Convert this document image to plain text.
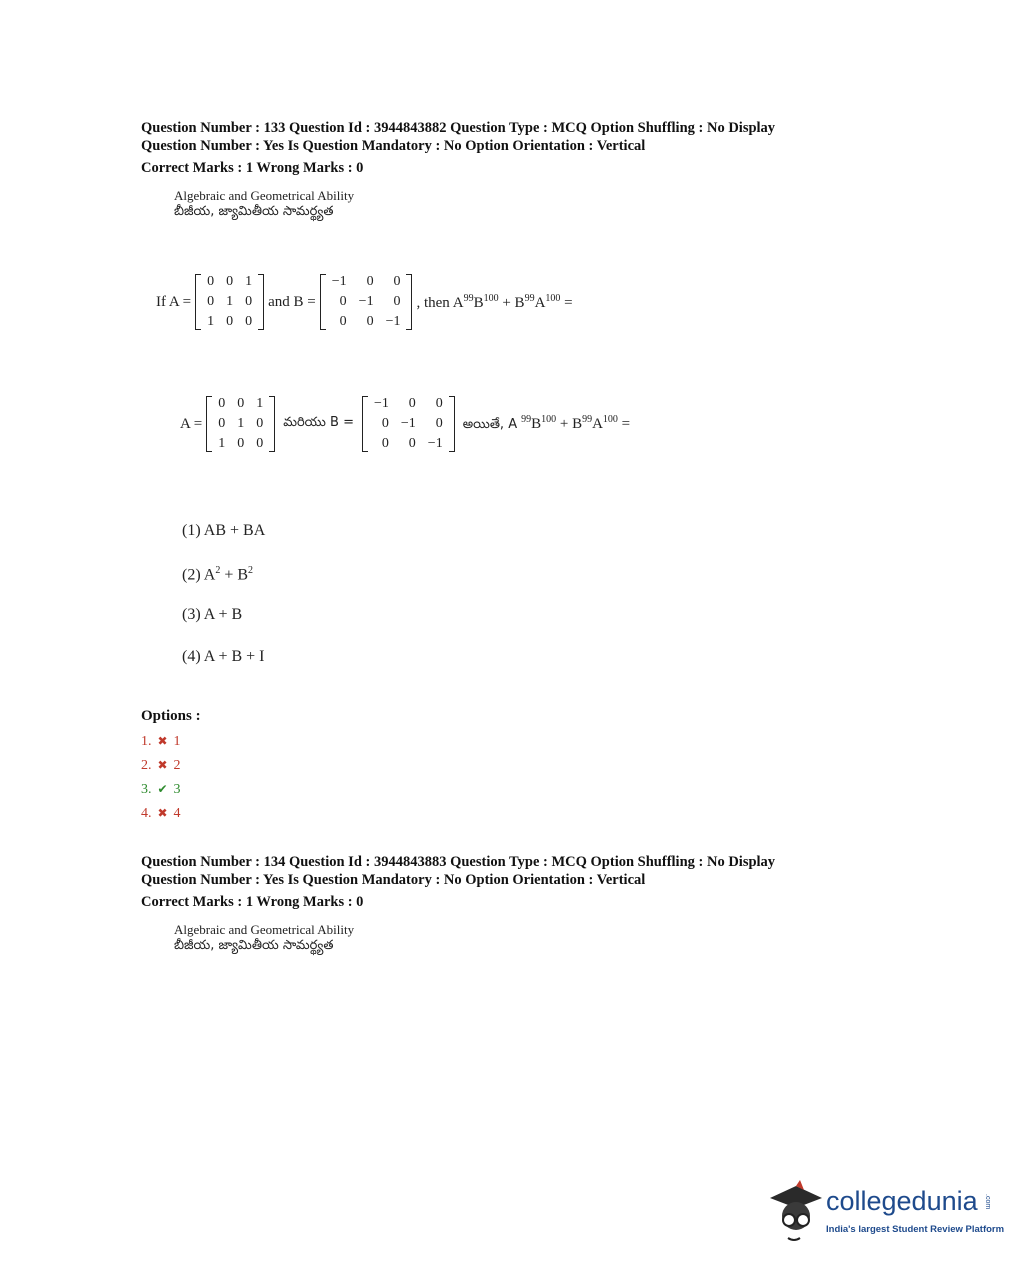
Question Number : 133 Question Id : 3944843882 Question Type : MCQ Option Shuffling : No Display
Question Number : Yes Is Question Mandatory : No Option Orientation : Vertical
Correct Marks : 1 Wrong Marks : 0
Algebraic and Geometrical Ability
బీజీయ, జ్యామితీయ సామర్థ్యత
If A =
0	0	1
0	1	0
1	0	0
and B =
−1	0	0
0	−1	0
0	0	−1
, then $A^{99}B^{100} + B^{99}A^{100}$ =
A =
0	0	1
0	1	0
1	0	0
మరియు B =
−1	0	0
0	−1	0
0	0	−1
అయితే, A $^{99}B^{100} + B^{99}A^{100}$ =
(1) AB + BA
(2) $A^2 + B^2$
(3) A + B
(4) A + B + I
Options :
1. ✖ 1
2. ✖ 2
3. ✔ 3
4. ✖ 4
Question Number : 134 Question Id : 3944843883 Question Type : MCQ Option Shuffling : No Display
Question Number : Yes Is Question Mandatory : No Option Orientation : Vertical
Correct Marks : 1 Wrong Marks : 0
Algebraic and Geometrical Ability
బీజీయ, జ్యామితీయ సామర్థ్యత
collegedunia .com
India's largest Student Review Platform
